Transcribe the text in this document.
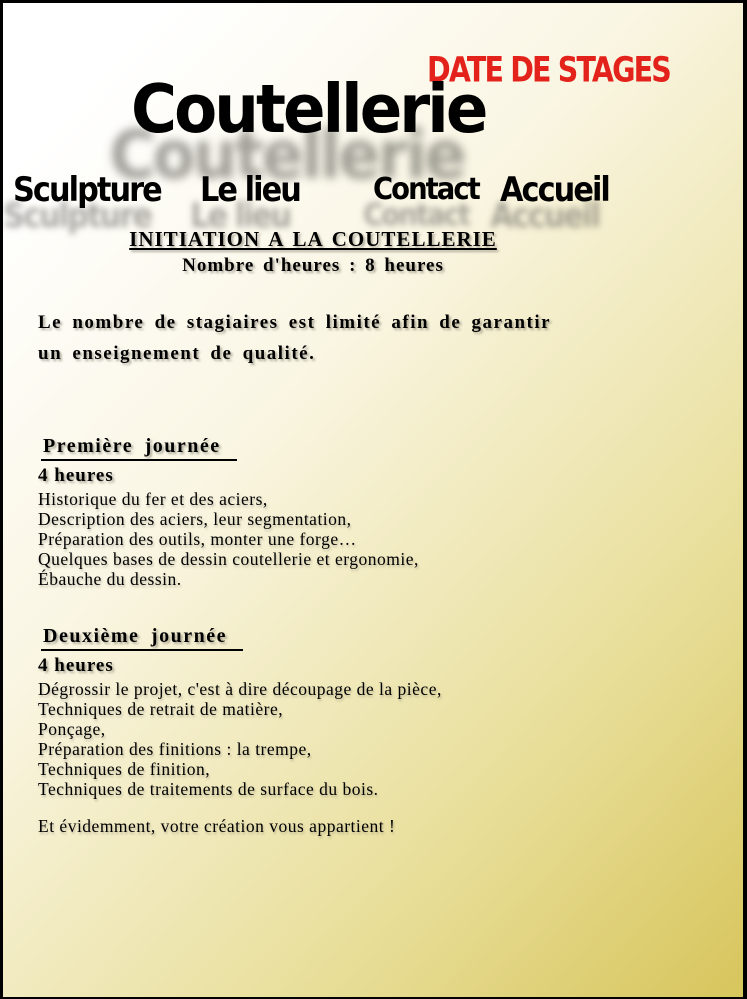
DATE DE STAGES
Coutellerie
Sculpture Le lieu	Contact Accueil
INITIATION A LA COUTELLERIE
Nombre d'heures : 8 heures
Le nombre de stagiaires est limité afin de garantir
un enseignement de qualité.
Première journée
4 heures
Historique du fer et des aciers,
Description des aciers, leur segmentation,
Préparation des outils, monter une forge…
Quelques bases de dessin coutellerie et ergonomie,
Ébauche du dessin.
Deuxième journée
4 heures
Dégrossir le projet, c'est à dire découpage de la pièce,
Techniques de retrait de matière,
Ponçage,
Préparation des finitions : la trempe,
Techniques de finition,
Techniques de traitements de surface du bois.
Et évidemment, votre création vous appartient !
